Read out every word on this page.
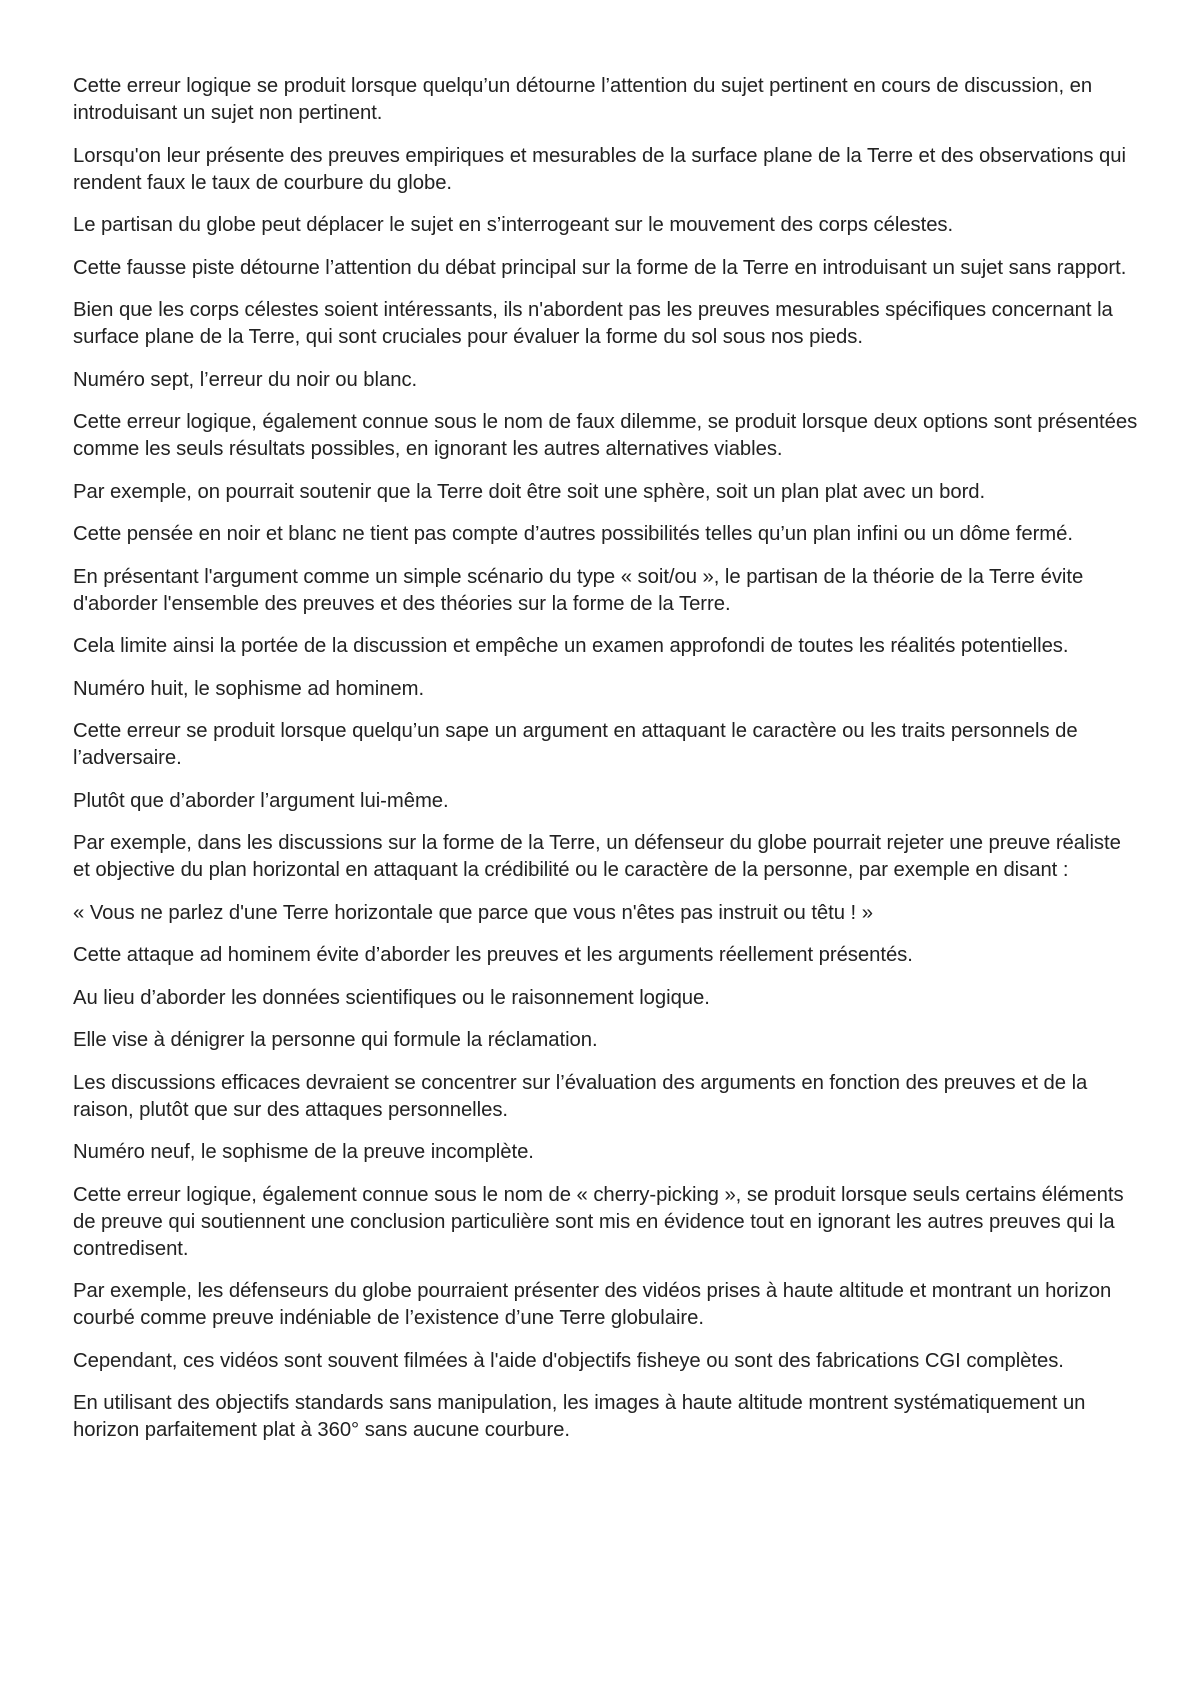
Cette erreur logique se produit lorsque quelqu’un détourne l’attention du sujet pertinent en cours de discussion, en introduisant un sujet non pertinent.

Lorsqu'on leur présente des preuves empiriques et mesurables de la surface plane de la Terre et des observations qui rendent faux le taux de courbure du globe.

Le partisan du globe peut déplacer le sujet en s’interrogeant sur le mouvement des corps célestes.

Cette fausse piste détourne l’attention du débat principal sur la forme de la Terre en introduisant un sujet sans rapport.

Bien que les corps célestes soient intéressants, ils n'abordent pas les preuves mesurables spécifiques concernant la surface plane de la Terre, qui sont cruciales pour évaluer la forme du sol sous nos pieds.

Numéro sept, l’erreur du noir ou blanc.

Cette erreur logique, également connue sous le nom de faux dilemme, se produit lorsque deux options sont présentées comme les seuls résultats possibles, en ignorant les autres alternatives viables.

Par exemple, on pourrait soutenir que la Terre doit être soit une sphère, soit un plan plat avec un bord.

Cette pensée en noir et blanc ne tient pas compte d’autres possibilités telles qu’un plan infini ou un dôme fermé.

En présentant l'argument comme un simple scénario du type « soit/ou », le partisan de la théorie de la Terre évite d'aborder l'ensemble des preuves et des théories sur la forme de la Terre.

Cela limite ainsi la portée de la discussion et empêche un examen approfondi de toutes les réalités potentielles.

Numéro huit, le sophisme ad hominem.

Cette erreur se produit lorsque quelqu’un sape un argument en attaquant le caractère ou les traits personnels de l’adversaire.

Plutôt que d’aborder l’argument lui-même.

Par exemple, dans les discussions sur la forme de la Terre, un défenseur du globe pourrait rejeter une preuve réaliste et objective du plan horizontal en attaquant la crédibilité ou le caractère de la personne, par exemple en disant :

« Vous ne parlez d'une Terre horizontale que parce que vous n'êtes pas instruit ou têtu ! »

Cette attaque ad hominem évite d’aborder les preuves et les arguments réellement présentés.

Au lieu d’aborder les données scientifiques ou le raisonnement logique.

Elle vise à dénigrer la personne qui formule la réclamation.

Les discussions efficaces devraient se concentrer sur l’évaluation des arguments en fonction des preuves et de la raison, plutôt que sur des attaques personnelles.

Numéro neuf, le sophisme de la preuve incomplète.

Cette erreur logique, également connue sous le nom de « cherry-picking », se produit lorsque seuls certains éléments de preuve qui soutiennent une conclusion particulière sont mis en évidence tout en ignorant les autres preuves qui la contredisent.

Par exemple, les défenseurs du globe pourraient présenter des vidéos prises à haute altitude et montrant un horizon courbé comme preuve indéniable de l’existence d’une Terre globulaire.

Cependant, ces vidéos sont souvent filmées à l'aide d'objectifs fisheye ou sont des fabrications CGI complètes.

En utilisant des objectifs standards sans manipulation, les images à haute altitude montrent systématiquement un horizon parfaitement plat à 360° sans aucune courbure.
